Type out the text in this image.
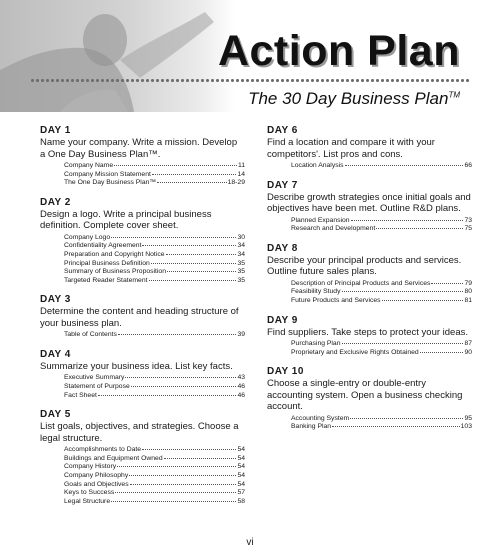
Action Plan
The 30 Day Business Plan™
DAY 1
Name your company. Write a mission. Develop a One Day Business Plan™.
Company Name	11
Company Mission Statement	14
The One Day Business Plan™	18-29
DAY 2
Design a logo. Write a principal business definition. Complete cover sheet.
Company Logo	30
Confidentiality Agreement	34
Preparation and Copyright Notice	34
Principal Business Definition	35
Summary of Business Proposition	35
Targeted Reader Statement	35
DAY 3
Determine the content and heading structure of your business plan.
Table of Contents	39
DAY 4
Summarize your business idea. List key facts.
Executive Summary	43
Statement of Purpose	46
Fact Sheet	46
DAY 5
List goals, objectives, and strategies. Choose a legal structure.
Accomplishments to Date	54
Buildings and Equipment Owned	54
Company History	54
Company Philosophy	54
Goals and Objectives	54
Keys to Success	57
Legal Structure	58
DAY 6
Find a location and compare it with your competitors'. List pros and cons.
Location Analysis	66
DAY 7
Describe growth strategies once initial goals and objectives have been met. Outline R&D plans.
Planned Expansion	73
Research and Development	75
DAY 8
Describe your principal products and services. Outline future sales plans.
Description of Principal Products and Services	79
Feasibility Study	80
Future Products and Services	81
DAY 9
Find suppliers. Take steps to protect your ideas.
Purchasing Plan	87
Proprietary and Exclusive Rights Obtained	90
DAY 10
Choose a single-entry or double-entry accounting system. Open a business checking account.
Accounting System	95
Banking Plan	103
vi
